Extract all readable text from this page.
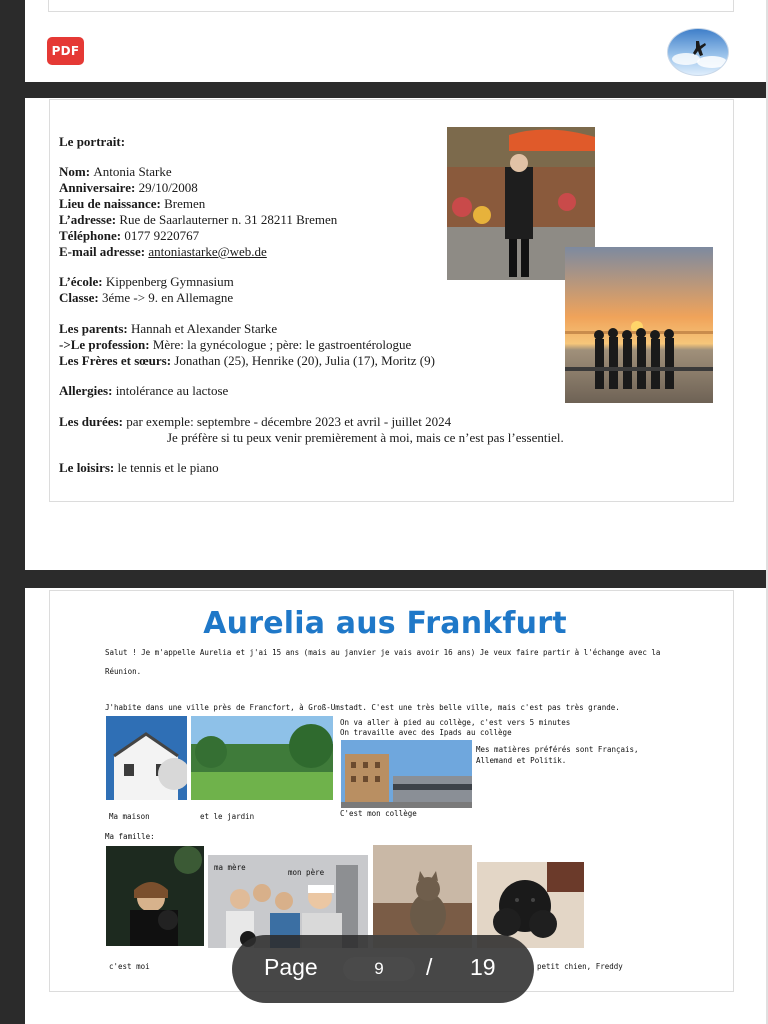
PDF
Le portrait:
Nom: Antonia Starke
Anniversaire: 29/10/2008
Lieu de naissance: Bremen
L’adresse: Rue de Saarlauterner n. 31 28211 Bremen
Téléphone: 0177 9220767
E-mail adresse: antoniastarke@web.de
L’école: Kippenberg Gymnasium
Classe: 3éme -> 9. en Allemagne
Les parents: Hannah et Alexander Starke
->Le profession: Mère: la gynécologue ; père: le gastroentérologue
Les Frères et sœurs: Jonathan (25), Henrike (20), Julia (17), Moritz (9)
Allergies: intolérance au lactose
Les durées: par exemple: septembre - décembre 2023 et avril - juillet 2024
Je préfère si tu peux venir premièrement à moi, mais ce n’est pas l’essentiel.
Le loisirs: le tennis et le piano
Aurelia aus Frankfurt
Salut ! Je m'appelle Aurelia et j'ai 15 ans (mais au janvier je vais avoir 16 ans) Je veux faire partir à l'échange avec la
Réunion.
J'habite dans une ville près de Francfort, à Groß-Umstadt. C'est une très belle ville, mais c'est pas très grande.
On va aller à pied au collège, c'est vers 5 minutes
On travaille avec des Ipads au collège
Mes matières préférés sont Français,
Allemand et Politik.
Ma maison	et le jardin	C'est mon collège
Ma famille:
ma mère
mon père
c'est moi	petit chien, Freddy
Page	9	/ 19
